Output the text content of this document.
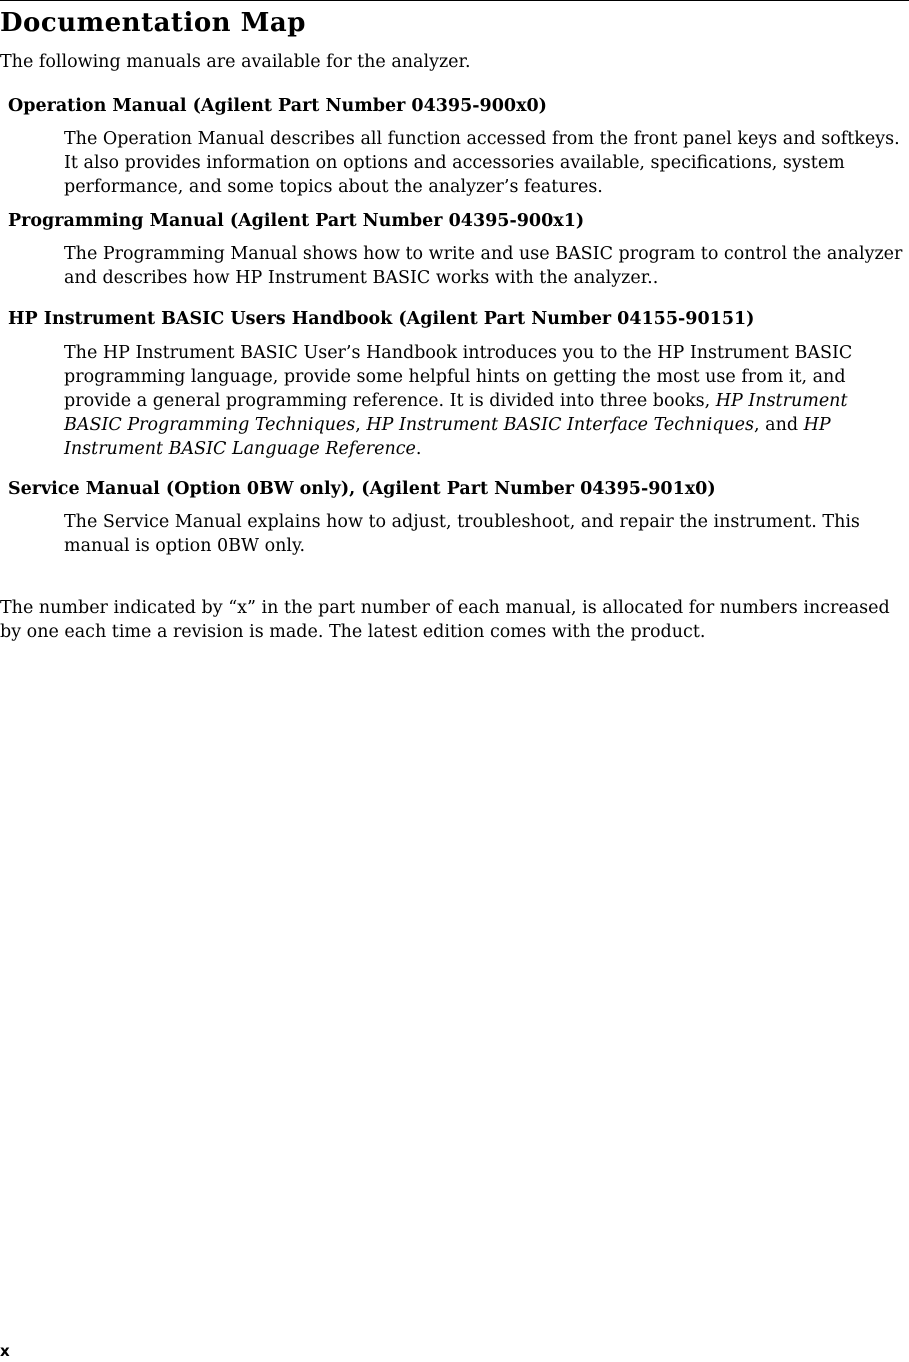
Documentation Map

The following manuals are available for the analyzer.

Operation Manual (Agilent Part Number 04395-900x0)

The Operation Manual describes all function accessed from the front panel keys and softkeys. It also provides information on options and accessories available, specifications, system performance, and some topics about the analyzer’s features.

Programming Manual (Agilent Part Number 04395-900x1)

The Programming Manual shows how to write and use BASIC program to control the analyzer and describes how HP Instrument BASIC works with the analyzer..

HP Instrument BASIC Users Handbook (Agilent Part Number 04155-90151)

The HP Instrument BASIC User’s Handbook introduces you to the HP Instrument BASIC programming language, provide some helpful hints on getting the most use from it, and provide a general programming reference. It is divided into three books, HP Instrument BASIC Programming Techniques, HP Instrument BASIC Interface Techniques, and HP Instrument BASIC Language Reference.

Service Manual (Option 0BW only), (Agilent Part Number 04395-901x0)

The Service Manual explains how to adjust, troubleshoot, and repair the instrument. This manual is option 0BW only.

The number indicated by “x” in the part number of each manual, is allocated for numbers increased by one each time a revision is made. The latest edition comes with the product.

x
